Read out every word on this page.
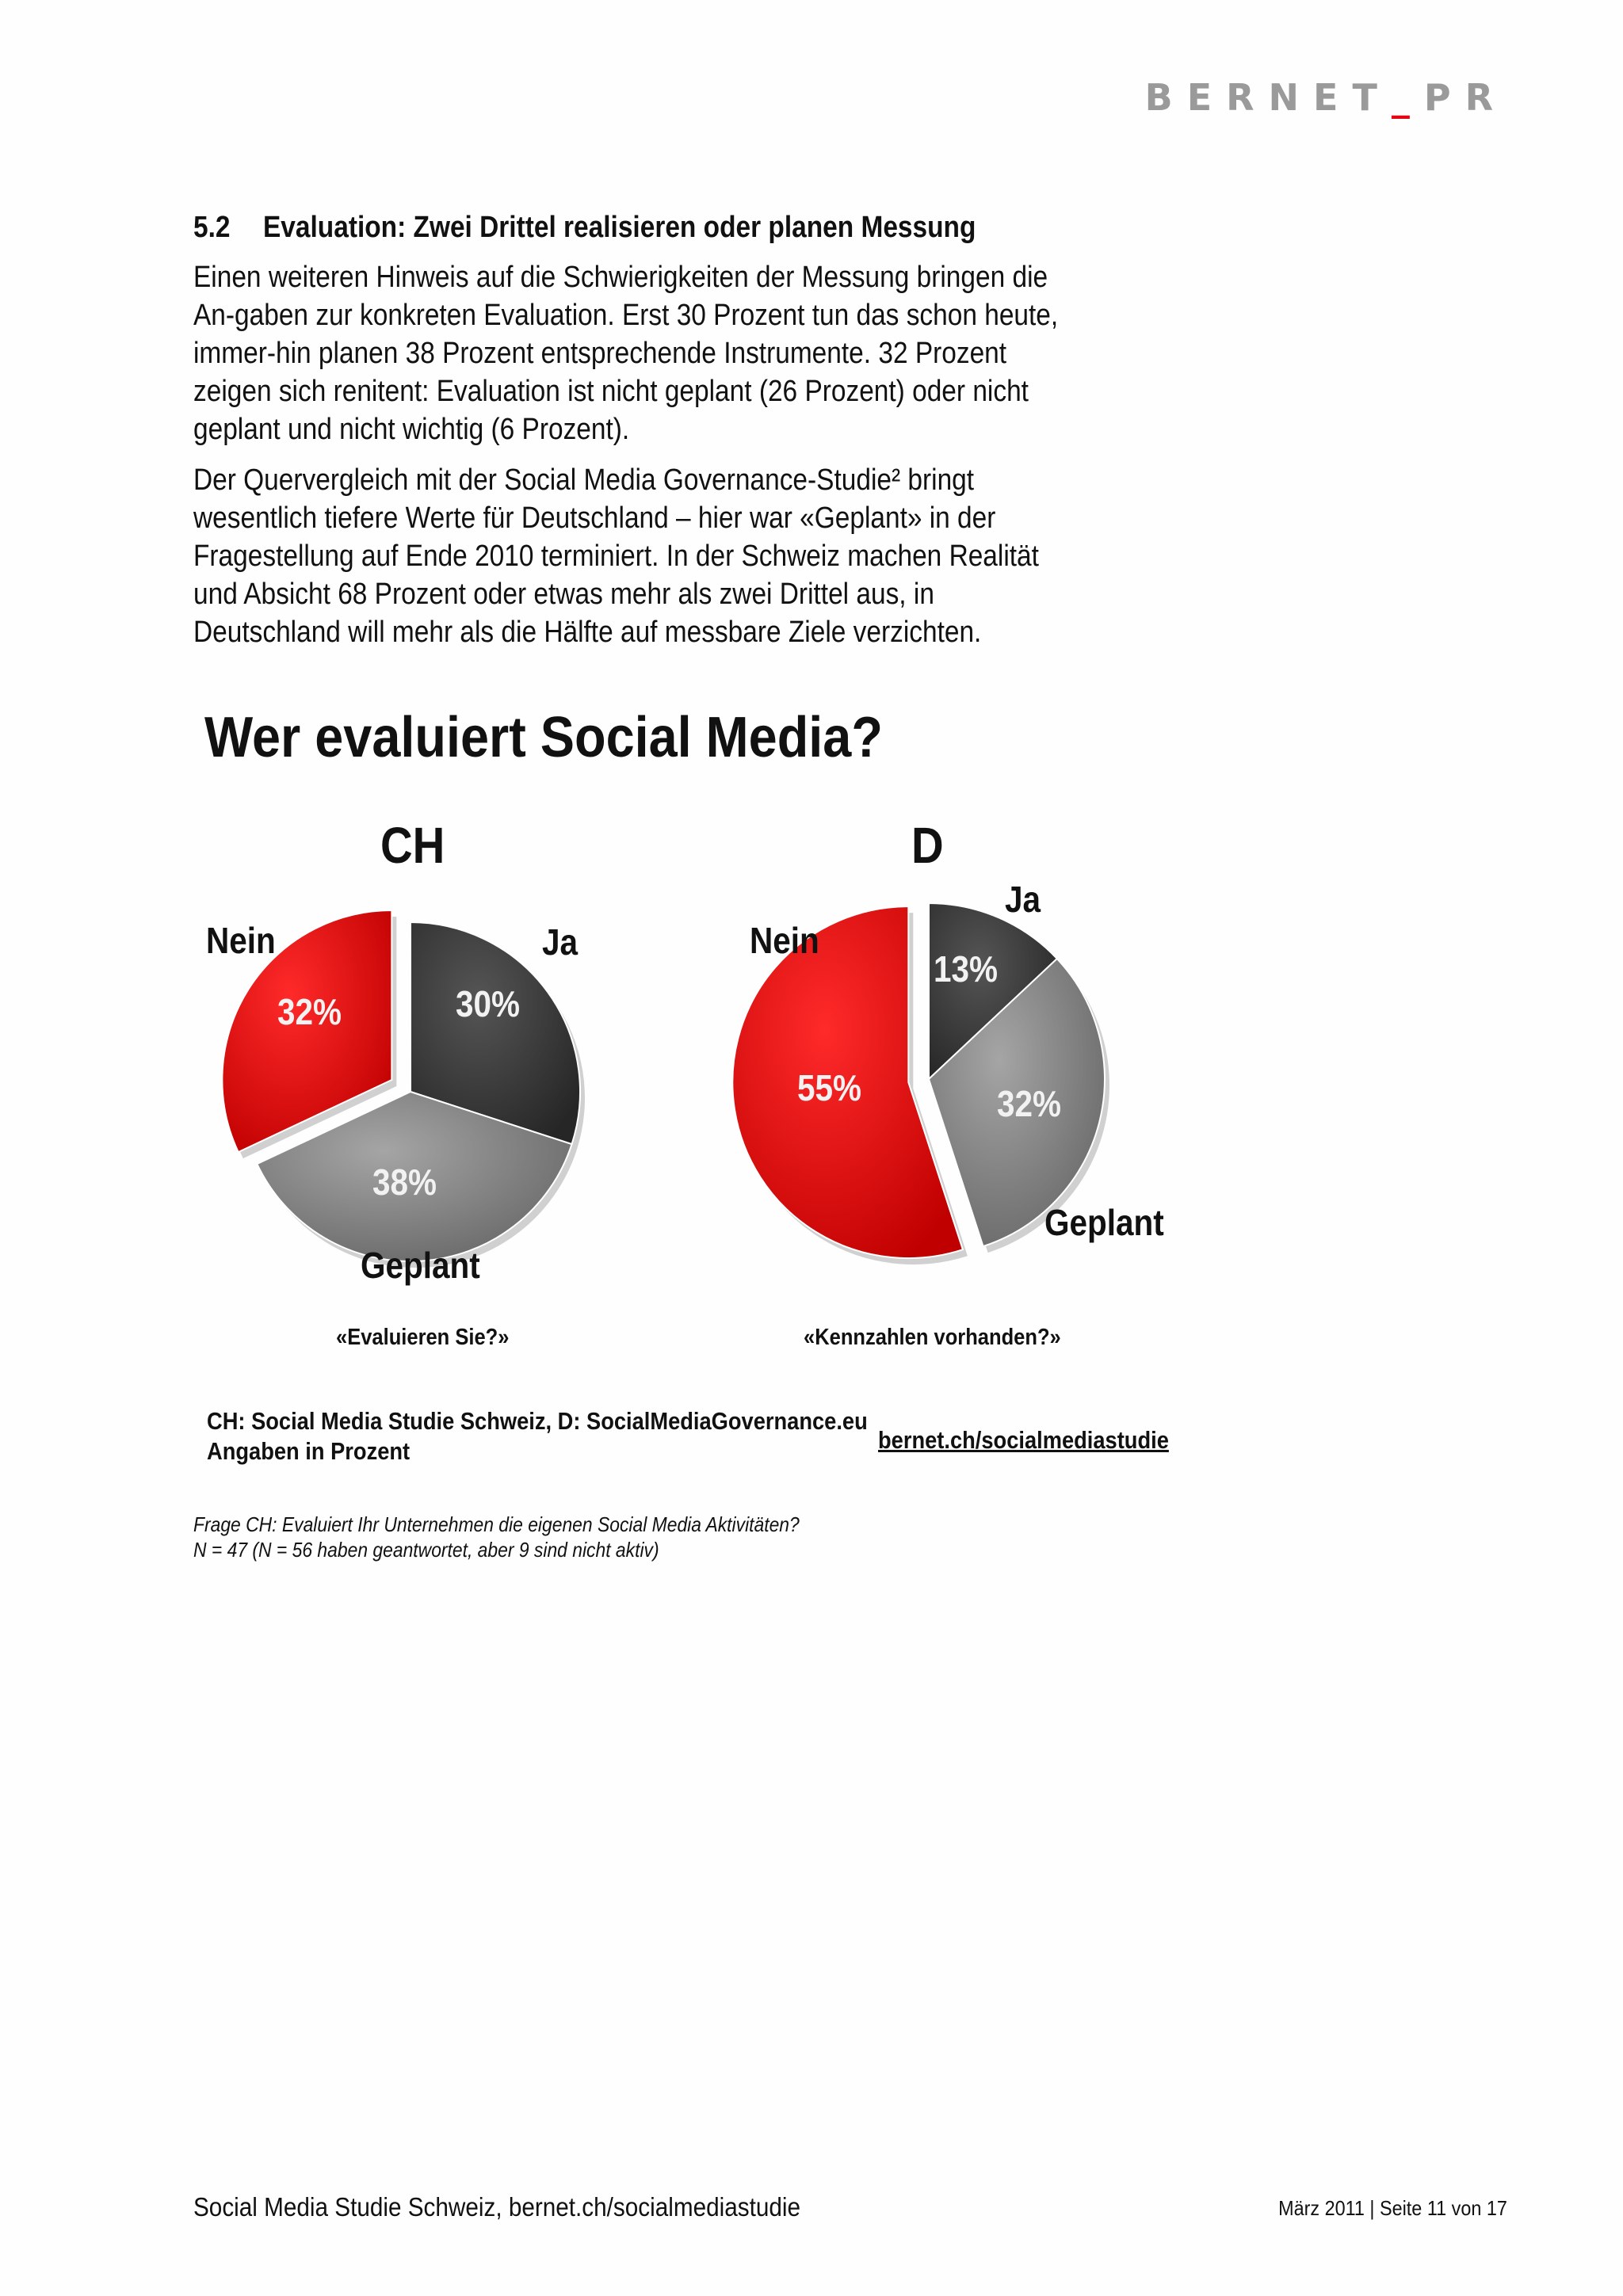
BERNET_PR
5.2 Evaluation: Zwei Drittel realisieren oder planen Messung

Einen weiteren Hinweis auf die Schwierigkeiten der Messung bringen die An-gaben zur konkreten Evaluation. Erst 30 Prozent tun das schon heute, immer-hin planen 38 Prozent entsprechende Instrumente. 32 Prozent zeigen sich renitent: Evaluation ist nicht geplant (26 Prozent) oder nicht geplant und nicht wichtig (6 Prozent).

Der Quervergleich mit der Social Media Governance-Studie² bringt wesentlich tiefere Werte für Deutschland – hier war «Geplant» in der Fragestellung auf Ende 2010 terminiert. In der Schweiz machen Realität und Absicht 68 Prozent oder etwas mehr als zwei Drittel aus, in Deutschland will mehr als die Hälfte auf messbare Ziele verzichten.

Wer evaluiert Social Media?
CH
Nein	Ja
Geplant
32%	30%
38%
«Evaluieren Sie?»
D
Nein
Ja
Geplant
55%
13%
32%
«Kennzahlen vorhanden?»
CH: Social Media Studie Schweiz, D: SocialMediaGovernance.eu
Angaben in Prozent	bernet.ch/socialmediastudie
Frage CH: Evaluiert Ihr Unternehmen die eigenen Social Media Aktivitäten?
N = 47 (N = 56 haben geantwortet, aber 9 sind nicht aktiv)
Social Media Studie Schweiz, bernet.ch/socialmediastudie	März 2011 | Seite 11 von 17
